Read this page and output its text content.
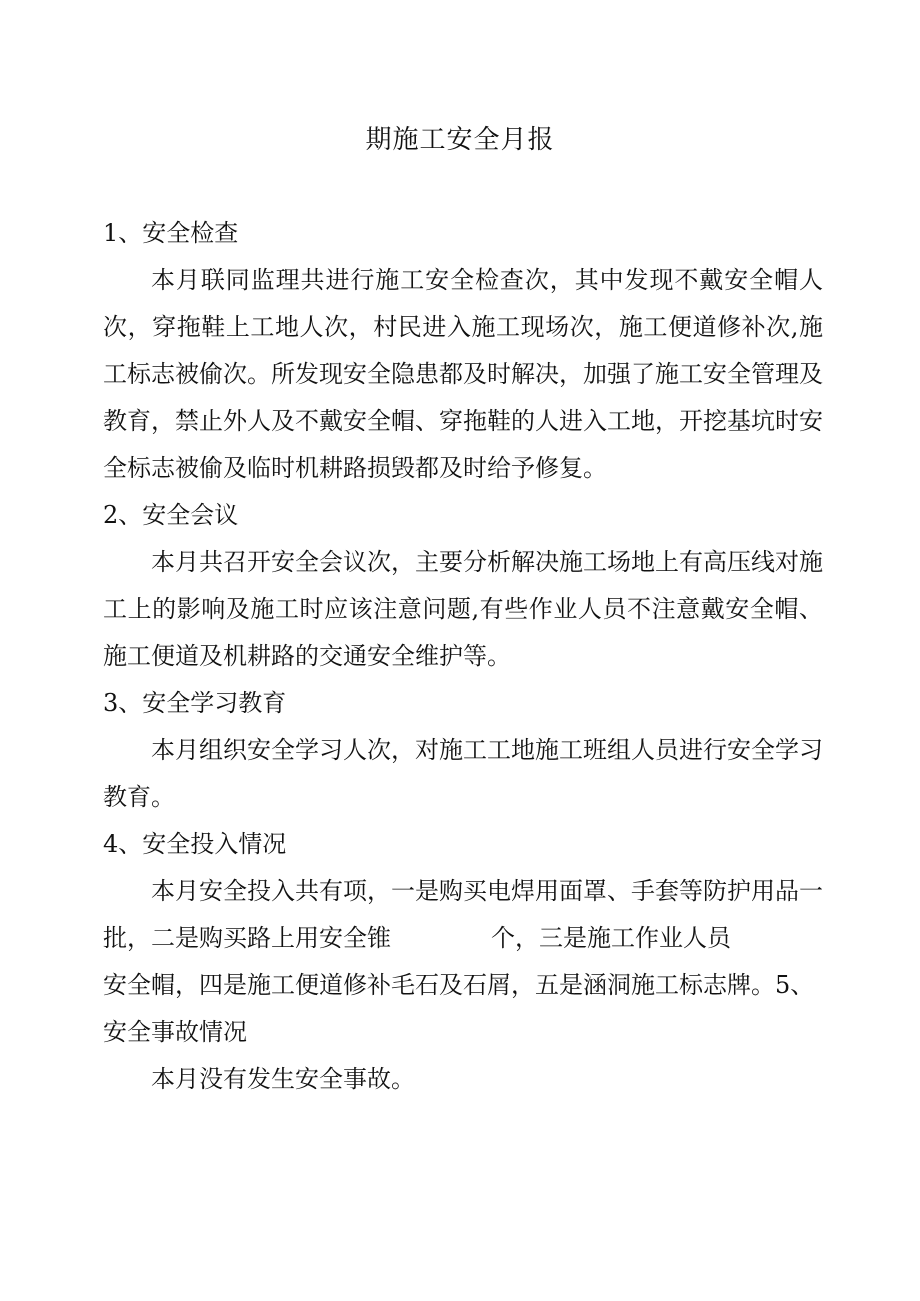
期施工安全月报

1、安全检查

本月联同监理共进行施工安全检查次，其中发现不戴安全帽人次，穿拖鞋上工地人次，村民进入施工现场次，施工便道修补次,施工标志被偷次。所发现安全隐患都及时解决，加强了施工安全管理及教育，禁止外人及不戴安全帽、穿拖鞋的人进入工地，开挖基坑时安全标志被偷及临时机耕路损毁都及时给予修复。

2、安全会议

本月共召开安全会议次，主要分析解决施工场地上有高压线对施工上的影响及施工时应该注意问题,有些作业人员不注意戴安全帽、施工便道及机耕路的交通安全维护等。

3、安全学习教育

本月组织安全学习人次，对施工工地施工班组人员进行安全学习教育。

4、安全投入情况

本月安全投入共有项，一是购买电焊用面罩、手套等防护用品一批，二是购买路上用安全锥	个，三是施工作业人员

安全帽，四是施工便道修补毛石及石屑，五是涵洞施工标志牌。5、安全事故情况

本月没有发生安全事故。
